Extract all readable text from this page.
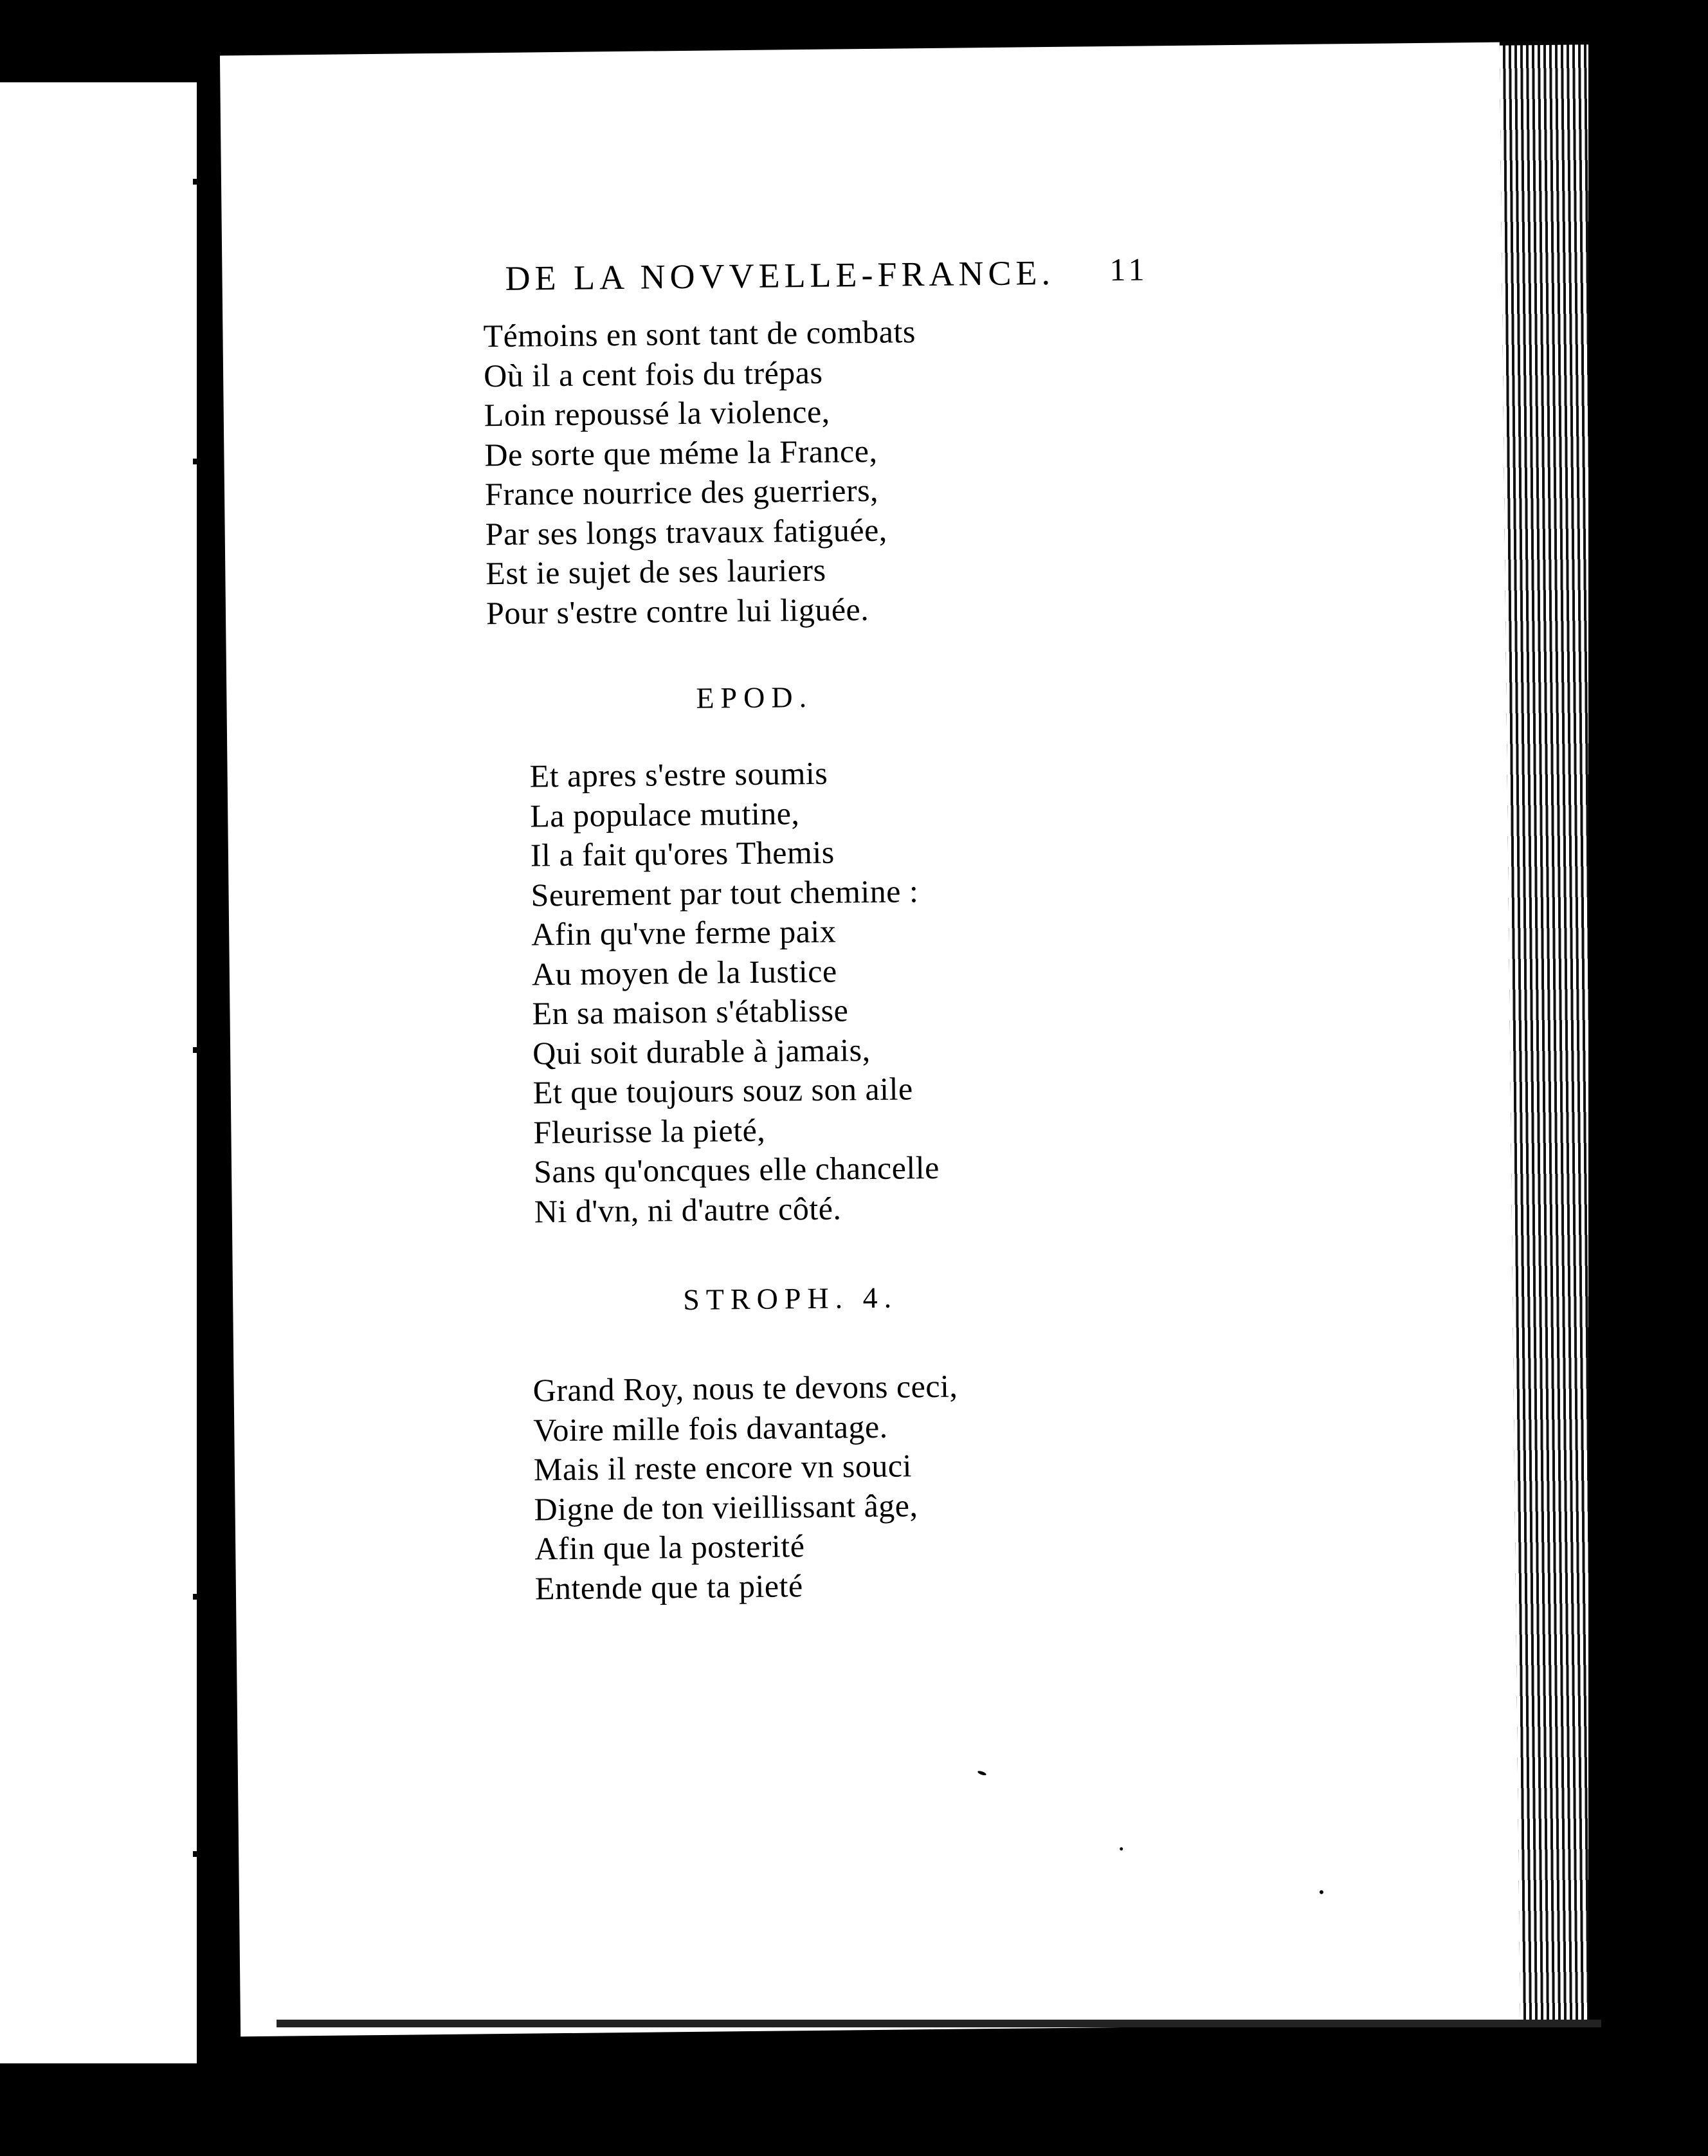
DE LA NOVVELLE-FRANCE. 11
Témoins en sont tant de combats
Où il a cent fois du trépas
Loin repoussé la violence,
De sorte que méme la France,
France nourrice des guerriers,
Par ses longs travaux fatiguée,
Est ie sujet de ses lauriers
Pour s'estre contre lui liguée.
EPOD.
Et apres s'estre soumis
La populace mutine,
Il a fait qu'ores Themis
Seurement par tout chemine :
Afin qu'vne ferme paix
Au moyen de la Iustice
En sa maison s'établisse
Qui soit durable à jamais,
Et que toujours souz son aile
Fleurisse la pieté,
Sans qu'oncques elle chancelle
Ni d'vn, ni d'autre côté.
STROPH. 4.
Grand Roy, nous te devons ceci,
Voire mille fois davantage.
Mais il reste encore vn souci
Digne de ton vieillissant âge,
Afin que la posterité
Entende que ta pieté
